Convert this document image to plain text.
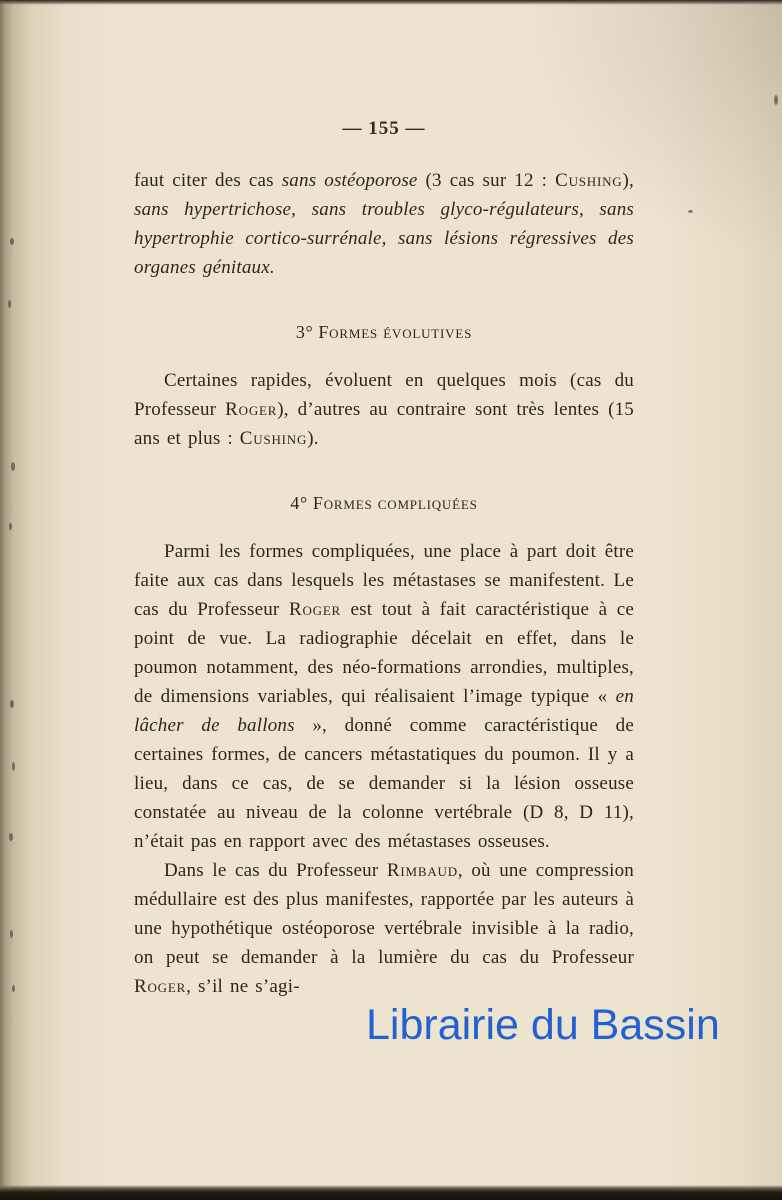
— 155 —

faut citer des cas sans ostéoporose (3 cas sur 12 : Cushing), sans hypertrichose, sans troubles glyco-régulateurs, sans hypertrophie cortico-surrénale, sans lésions régressives des organes génitaux.

3° Formes évolutives

Certaines rapides, évoluent en quelques mois (cas du Professeur Roger), d’autres au contraire sont très lentes (15 ans et plus : Cushing).

4° Formes compliquées

Parmi les formes compliquées, une place à part doit être faite aux cas dans lesquels les métastases se manifestent. Le cas du Professeur Roger est tout à fait caractéristique à ce point de vue. La radiographie décelait en effet, dans le poumon notamment, des néo-formations arrondies, multiples, de dimensions variables, qui réalisaient l’image typique « en lâcher de ballons », donné comme caractéristique de certaines formes, de cancers métastatiques du poumon. Il y a lieu, dans ce cas, de se demander si la lésion osseuse constatée au niveau de la colonne vertébrale (D 8, D 11), n’était pas en rapport avec des métastases osseuses.

Dans le cas du Professeur Rimbaud, où une compression médullaire est des plus manifestes, rapportée par les auteurs à une hypothétique ostéoporose vertébrale invisible à la radio, on peut se demander à la lumière du cas du Professeur Roger, s’il ne s’agi-

Librairie du Bassin
